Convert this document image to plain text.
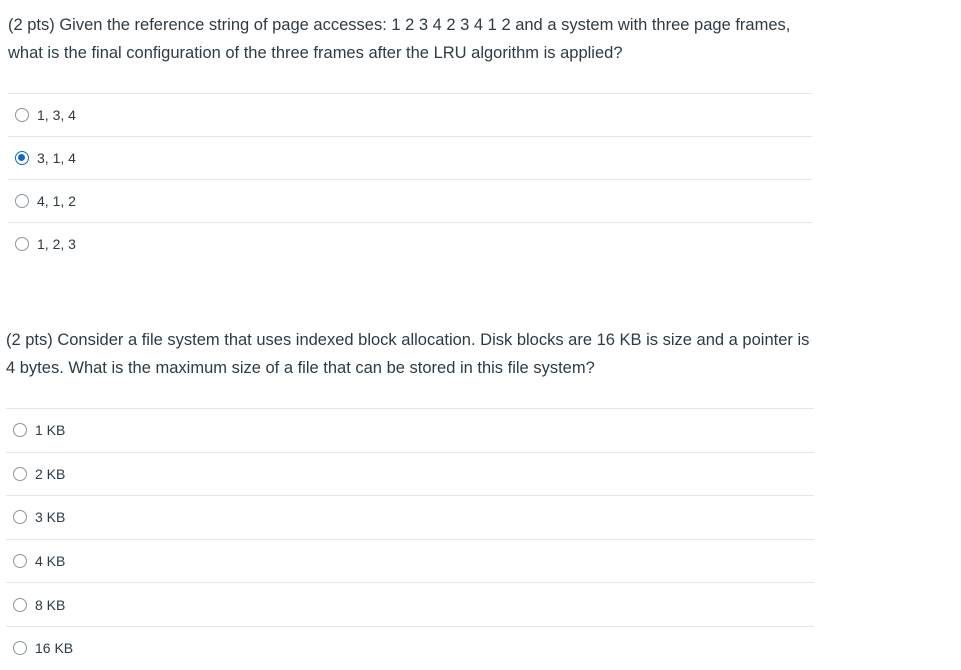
(2 pts) Given the reference string of page accesses: 1 2 3 4 2 3 4 1 2 and a system with three page frames, what is the final configuration of the three frames after the LRU algorithm is applied?

1, 3, 4
3, 1, 4
4, 1, 2
1, 2, 3

(2 pts) Consider a file system that uses indexed block allocation. Disk blocks are 16 KB is size and a pointer is 4 bytes. What is the maximum size of a file that can be stored in this file system?

1 KB
2 KB
3 KB
4 KB
8 KB
16 KB
